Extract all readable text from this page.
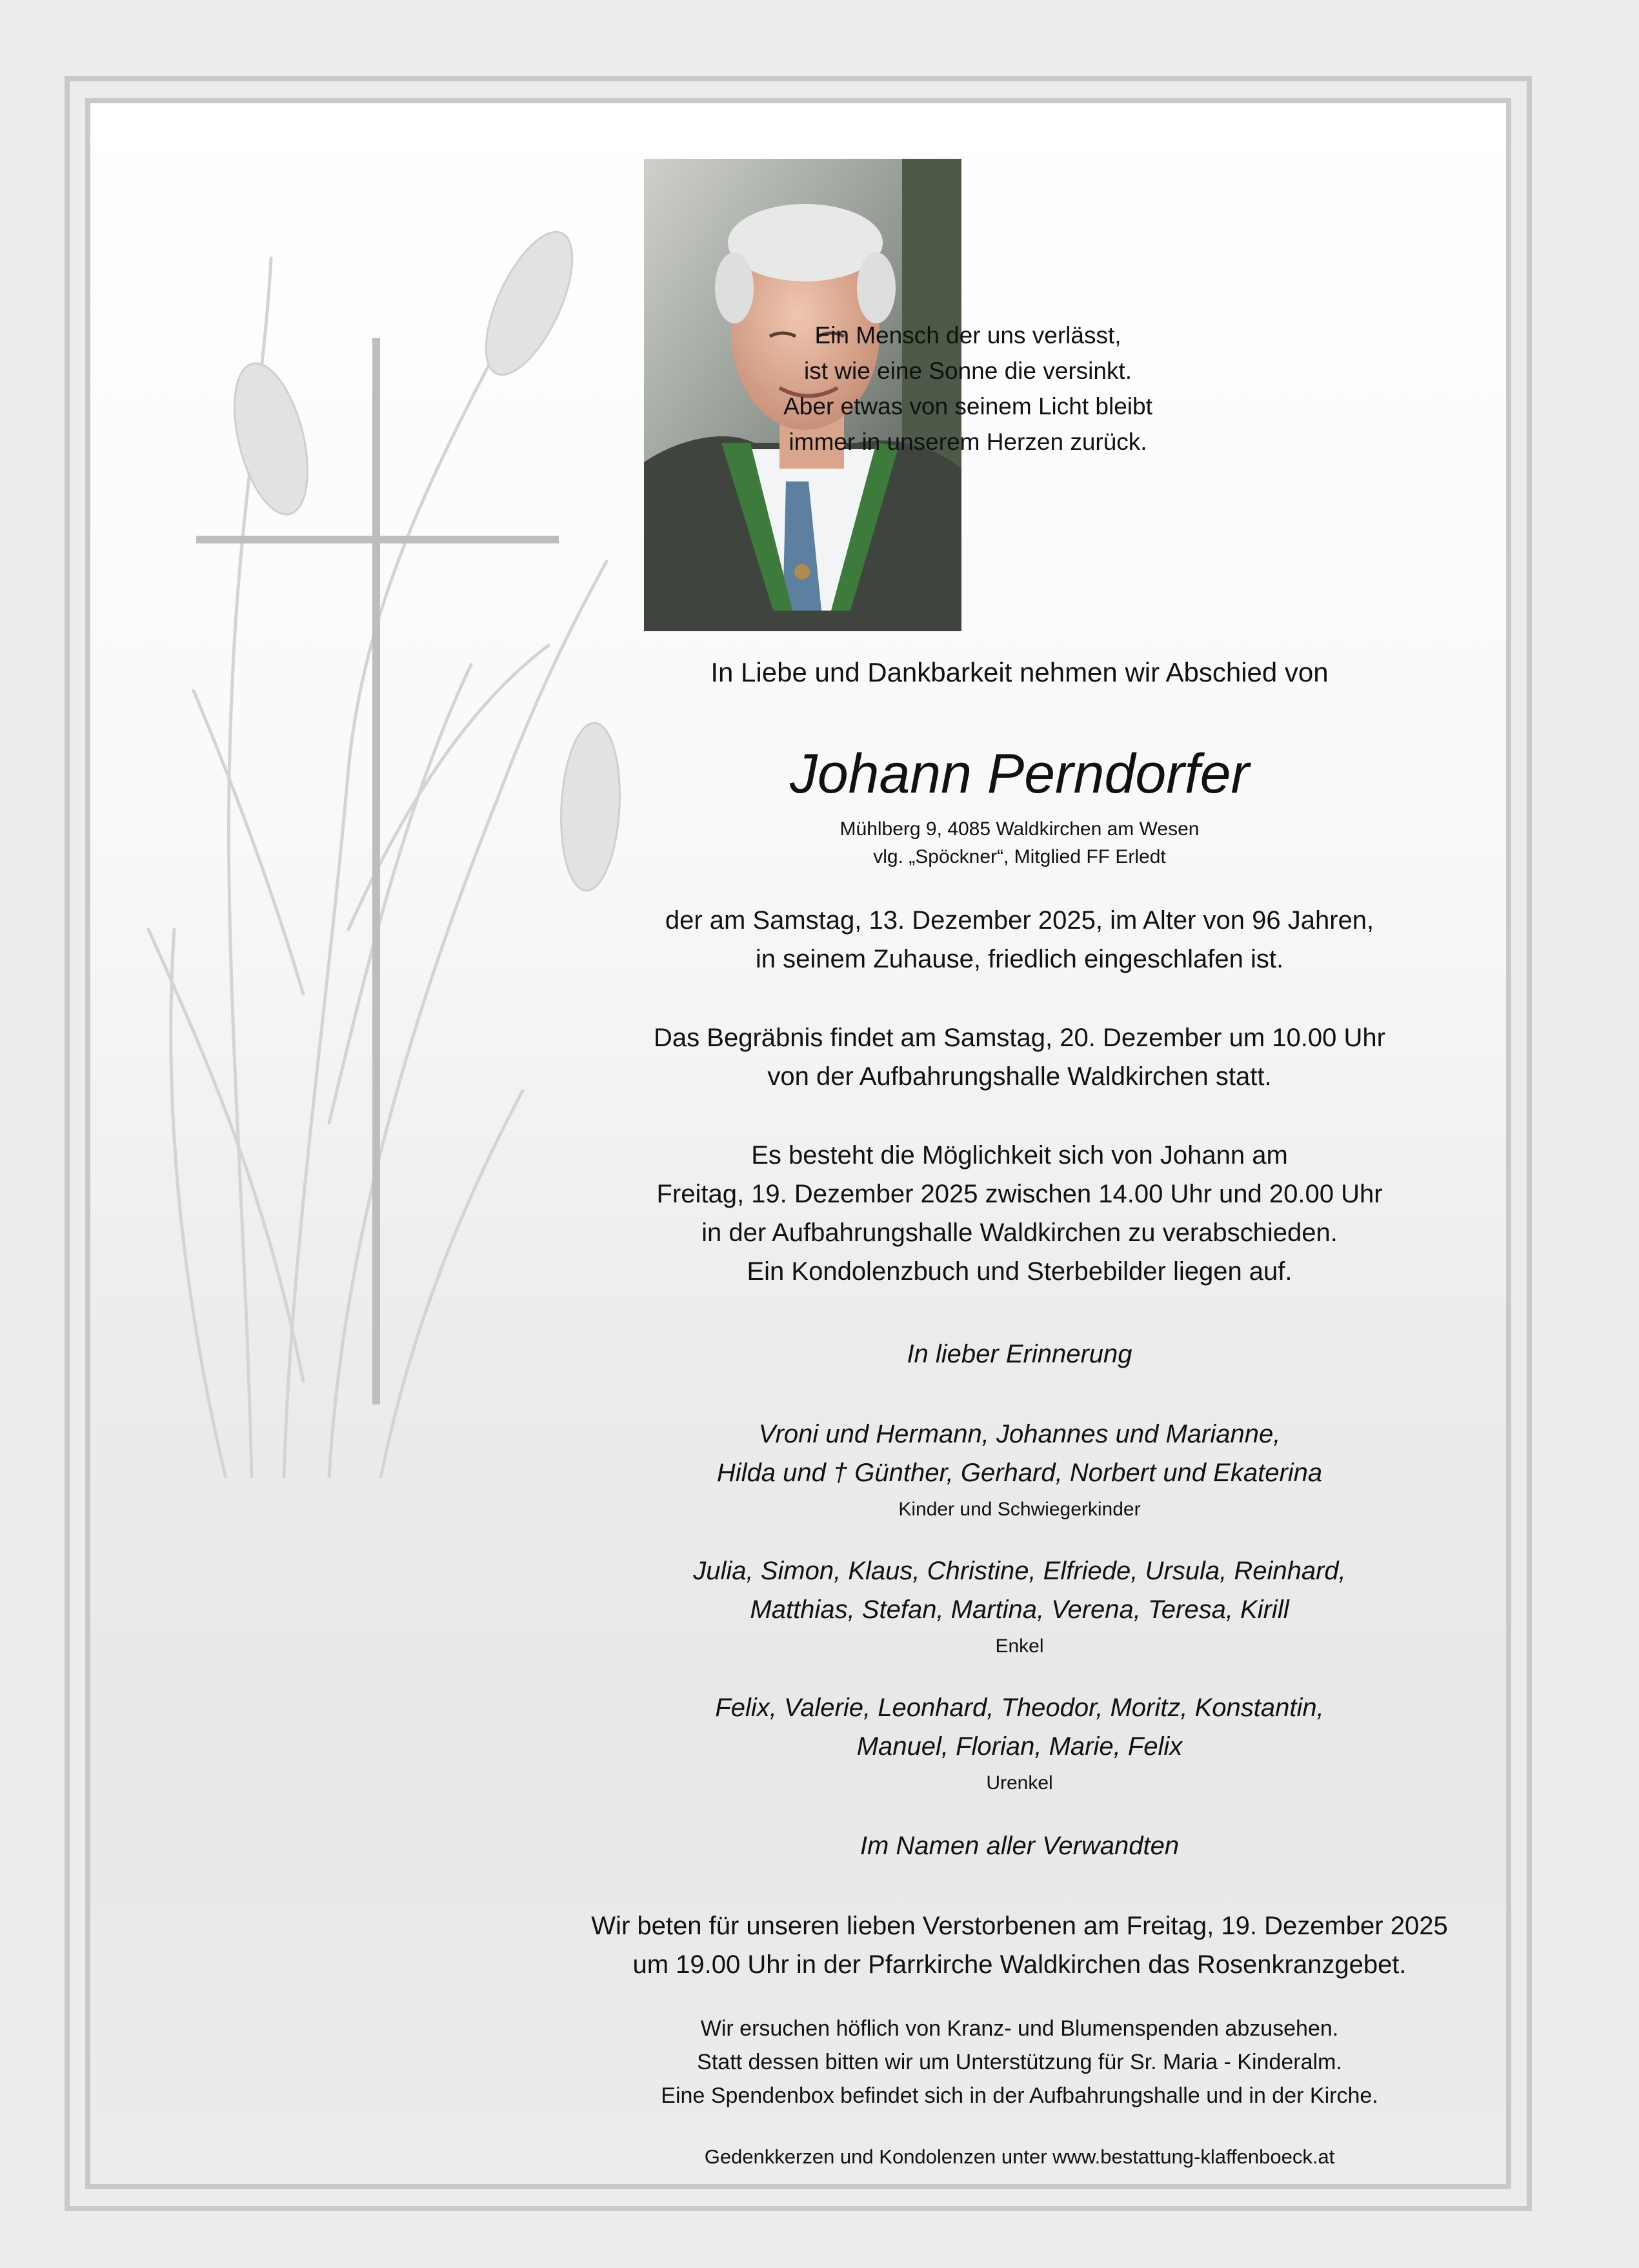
Ein Mensch der uns verlässt,
ist wie eine Sonne die versinkt.
Aber etwas von seinem Licht bleibt
immer in unserem Herzen zurück.
In Liebe und Dankbarkeit nehmen wir Abschied von
Johann Perndorfer
Mühlberg 9, 4085 Waldkirchen am Wesen
vlg. „Spöckner“, Mitglied FF Erledt
der am Samstag, 13. Dezember 2025, im Alter von 96 Jahren,
in seinem Zuhause, friedlich eingeschlafen ist.
Das Begräbnis findet am Samstag, 20. Dezember um 10.00 Uhr
von der Aufbahrungshalle Waldkirchen statt.
Es besteht die Möglichkeit sich von Johann am
Freitag, 19. Dezember 2025 zwischen 14.00 Uhr und 20.00 Uhr
in der Aufbahrungshalle Waldkirchen zu verabschieden.
Ein Kondolenzbuch und Sterbebilder liegen auf.
In lieber Erinnerung
Vroni und Hermann, Johannes und Marianne,
Hilda und † Günther, Gerhard, Norbert und Ekaterina
Kinder und Schwiegerkinder
Julia, Simon, Klaus, Christine, Elfriede, Ursula, Reinhard,
Matthias, Stefan, Martina, Verena, Teresa, Kirill
Enkel
Felix, Valerie, Leonhard, Theodor, Moritz, Konstantin,
Manuel, Florian, Marie, Felix
Urenkel
Im Namen aller Verwandten
Wir beten für unseren lieben Verstorbenen am Freitag, 19. Dezember 2025
um 19.00 Uhr in der Pfarrkirche Waldkirchen das Rosenkranzgebet.
Wir ersuchen höflich von Kranz- und Blumenspenden abzusehen.
Statt dessen bitten wir um Unterstützung für Sr. Maria - Kinderalm.
Eine Spendenbox befindet sich in der Aufbahrungshalle und in der Kirche.
Gedenkkerzen und Kondolenzen unter www.bestattung-klaffenboeck.at
